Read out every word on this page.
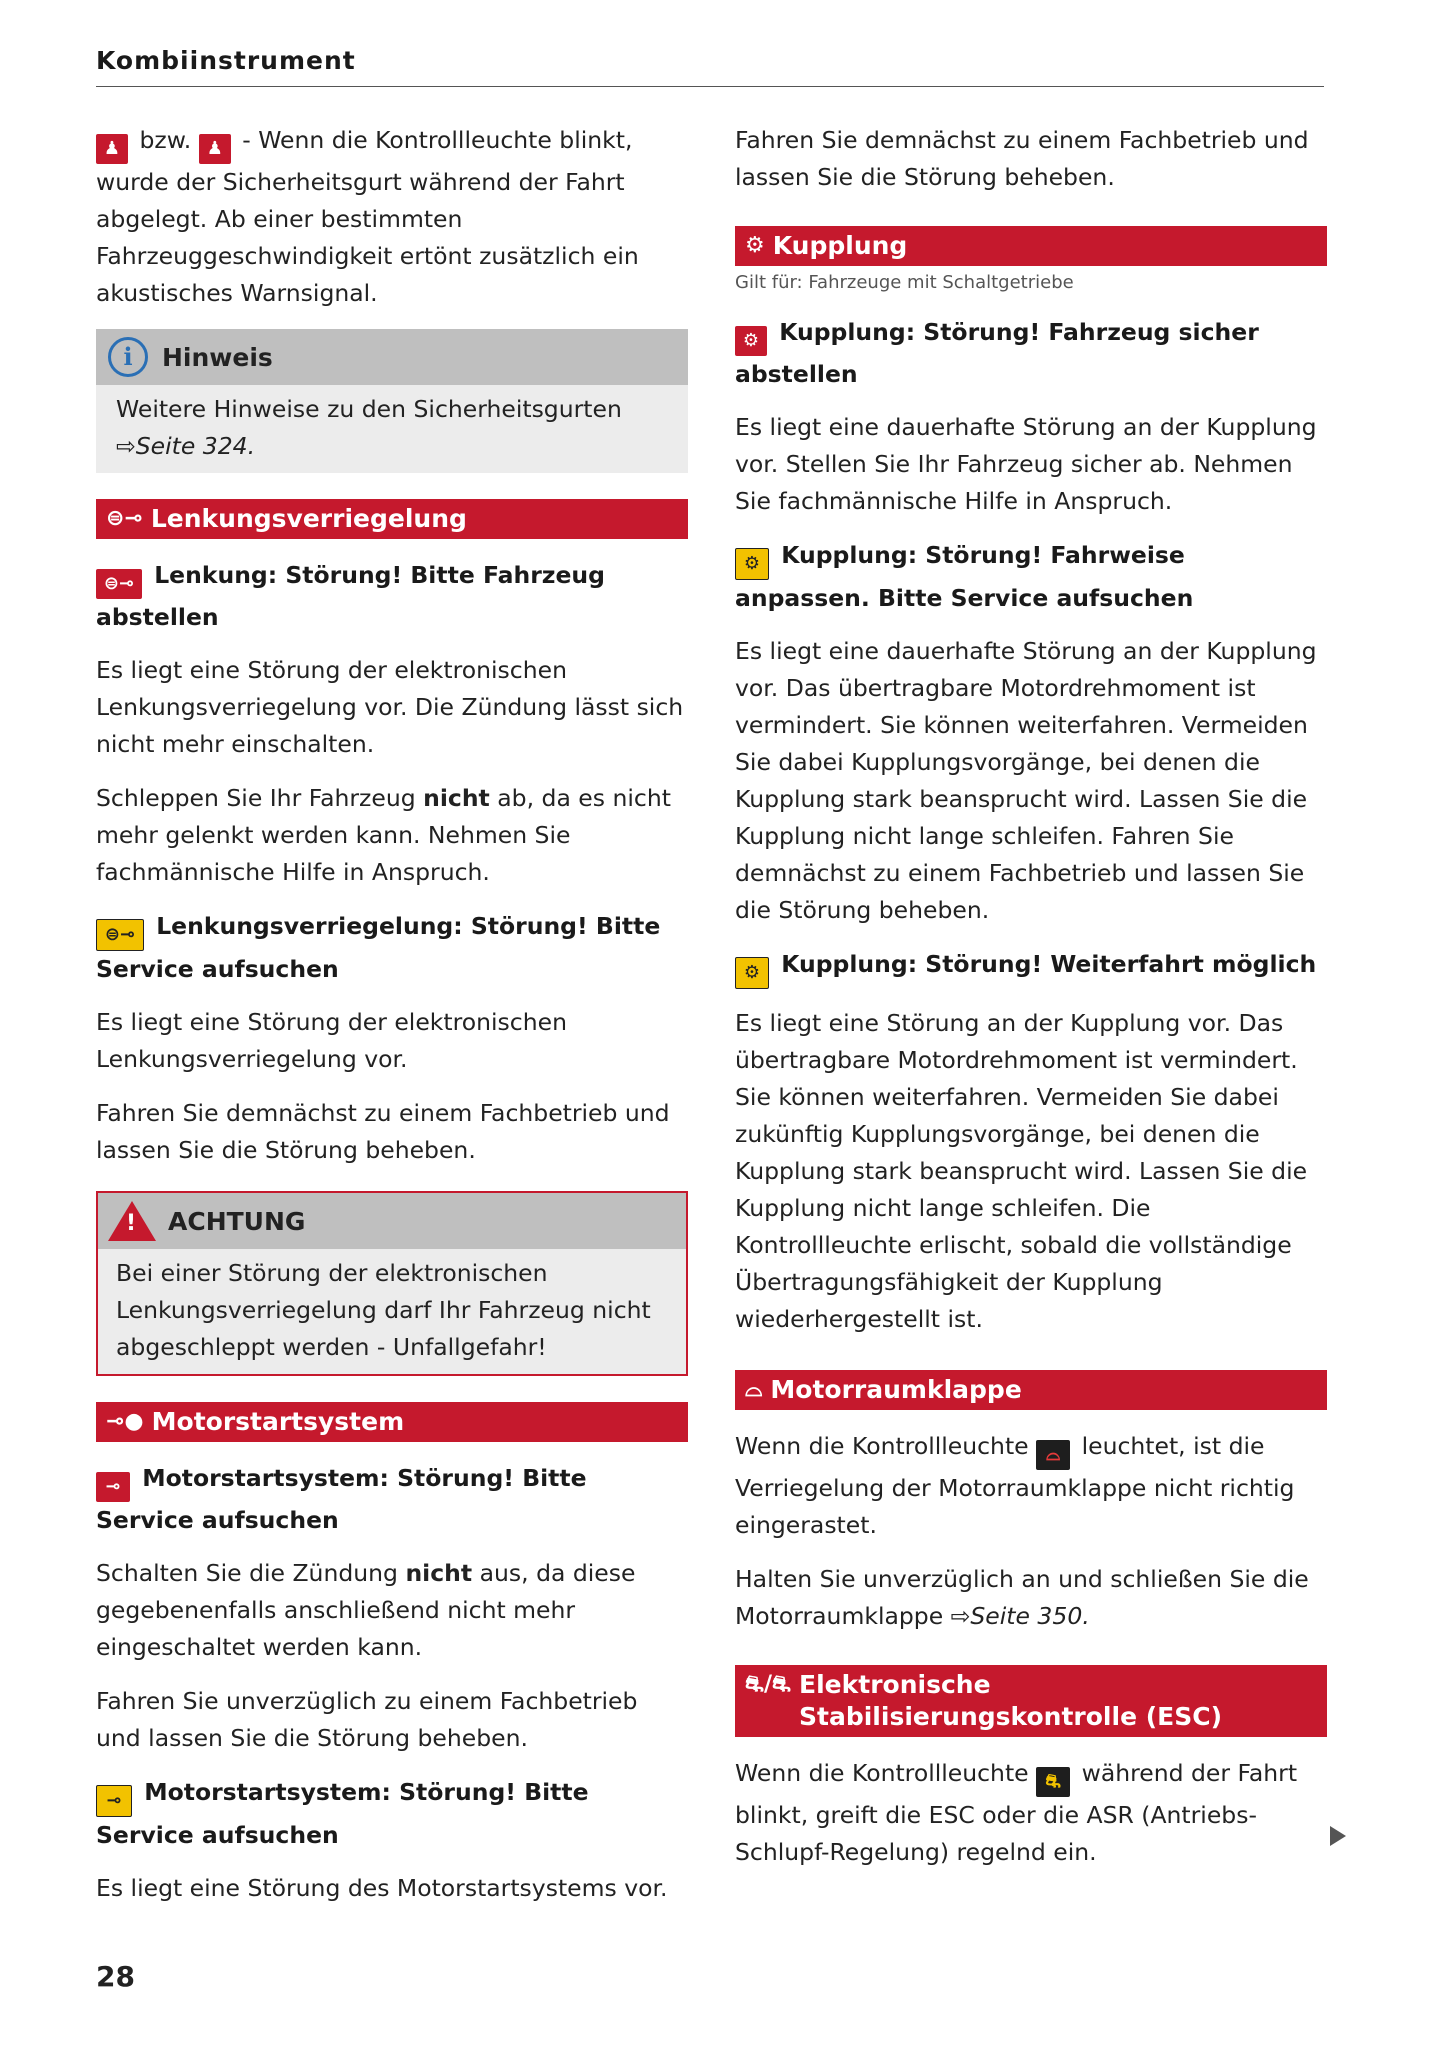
Kombiinstrument

♟ bzw. ♟ - Wenn die Kontrollleuchte blinkt, wurde der Sicherheitsgurt während der Fahrt abgelegt. Ab einer bestimmten Fahrzeuggeschwindigkeit ertönt zusätzlich ein akustisches Warnsignal.

i	Hinweis
Weitere Hinweise zu den Sicherheitsgurten
⇨Seite 324.
⊜⊸ Lenkungsverriegelung
⊜⊸ Lenkung: Störung! Bitte Fahrzeug abstellen

Es liegt eine Störung der elektronischen Lenkungsverriegelung vor. Die Zündung lässt sich nicht mehr einschalten.

Schleppen Sie Ihr Fahrzeug nicht ab, da es nicht mehr gelenkt werden kann. Nehmen Sie fachmännische Hilfe in Anspruch.

⊜⊸ Lenkungsverriegelung: Störung! Bitte Service aufsuchen

Es liegt eine Störung der elektronischen Lenkungsverriegelung vor.

Fahren Sie demnächst zu einem Fachbetrieb und lassen Sie die Störung beheben.

! ACHTUNG
Bei einer Störung der elektronischen Lenkungsverriegelung darf Ihr Fahrzeug nicht abgeschleppt werden - Unfallgefahr!
⊸● Motorstartsystem
⊸ Motorstartsystem: Störung! Bitte Service aufsuchen

Schalten Sie die Zündung nicht aus, da diese gegebenenfalls anschließend nicht mehr eingeschaltet werden kann.

Fahren Sie unverzüglich zu einem Fachbetrieb und lassen Sie die Störung beheben.

⊸ Motorstartsystem: Störung! Bitte Service aufsuchen

Es liegt eine Störung des Motorstartsystems vor.

Fahren Sie demnächst zu einem Fachbetrieb und lassen Sie die Störung beheben.

⚙ Kupplung
Gilt für: Fahrzeuge mit Schaltgetriebe
⚙ Kupplung: Störung! Fahrzeug sicher abstellen

Es liegt eine dauerhafte Störung an der Kupplung vor. Stellen Sie Ihr Fahrzeug sicher ab. Nehmen Sie fachmännische Hilfe in Anspruch.

⚙ Kupplung: Störung! Fahrweise anpassen. Bitte Service aufsuchen

Es liegt eine dauerhafte Störung an der Kupplung vor. Das übertragbare Motordrehmoment ist vermindert. Sie können weiterfahren. Vermeiden Sie dabei Kupplungsvorgänge, bei denen die Kupplung stark beansprucht wird. Lassen Sie die Kupplung nicht lange schleifen. Fahren Sie demnächst zu einem Fachbetrieb und lassen Sie die Störung beheben.

⚙ Kupplung: Störung! Weiterfahrt möglich

Es liegt eine Störung an der Kupplung vor. Das übertragbare Motordrehmoment ist vermindert. Sie können weiterfahren. Vermeiden Sie dabei zukünftig Kupplungsvorgänge, bei denen die Kupplung stark beansprucht wird. Lassen Sie die Kupplung nicht lange schleifen. Die Kontrollleuchte erlischt, sobald die vollständige Übertragungsfähigkeit der Kupplung wiederhergestellt ist.

⌓ Motorraumklappe

Wenn die Kontrollleuchte ⌓ leuchtet, ist die Verriegelung der Motorraumklappe nicht richtig eingerastet.

Halten Sie unverzüglich an und schließen Sie die Motorraumklappe ⇨Seite 350.

⛐/⛐ Elektronische Stabilisierungskontrolle (ESC)

Wenn die Kontrollleuchte ⛐ während der Fahrt blinkt, greift die ESC oder die ASR (Antriebs-Schlupf-Regelung) regelnd ein.

28
